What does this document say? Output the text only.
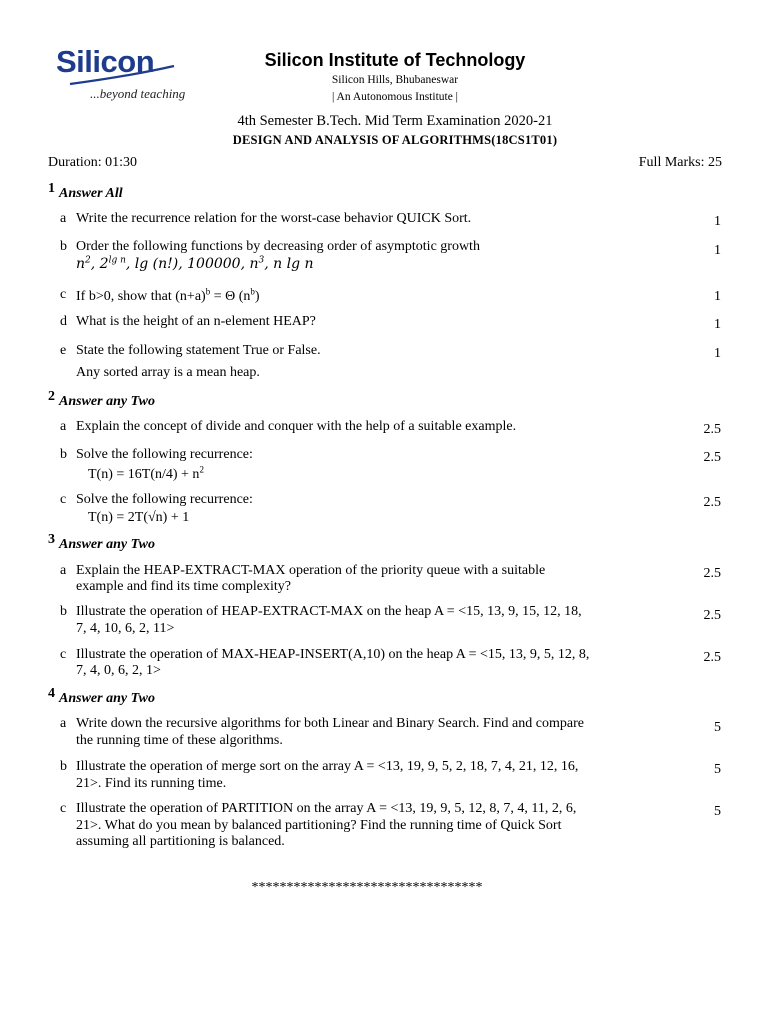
Silicon
...beyond teaching
Silicon Institute of Technology
Silicon Hills, Bhubaneswar
| An Autonomous Institute |
4th Semester B.Tech. Mid Term Examination 2020-21
DESIGN AND ANALYSIS OF ALGORITHMS(18CS1T01)
Duration: 01:30	Full Marks: 25
1 Answer All
a Write the recurrence relation for the worst-case behavior QUICK Sort.	1
b Order the following functions by decreasing order of asymptotic growth
$n^2$, $2^{lg n}$, lg (n!), 100000, $n^3$, n lg n
1
c If b>0, show that $(n+a)^b = \Theta$ $(n^b)$	1
d What is the height of an n-element HEAP?	1
e State the following statement True or False.
Any sorted array is a mean heap.
1
2 Answer any Two
a Explain the concept of divide and conquer with the help of a suitable example.	2.5
b Solve the following recurrence:
$T(n) = 16T(n/4) + n^2$
2.5
c Solve the following recurrence:
T(n) = 2T(√n) + 1
2.5
3 Answer any Two
a Explain the HEAP-EXTRACT-MAX operation of the priority queue with a suitable
example and find its time complexity?
2.5
b Illustrate the operation of HEAP-EXTRACT-MAX on the heap A = <15, 13, 9, 15, 12, 18,
7, 4, 10, 6, 2, 11>
2.5
c Illustrate the operation of MAX-HEAP-INSERT(A,10) on the heap A = <15, 13, 9, 5, 12, 8,
7, 4, 0, 6, 2, 1>
2.5
4 Answer any Two
a Write down the recursive algorithms for both Linear and Binary Search. Find and compare
the running time of these algorithms.
5
b Illustrate the operation of merge sort on the array A = <13, 19, 9, 5, 2, 18, 7, 4, 21, 12, 16,
21>. Find its running time.
5
c Illustrate the operation of PARTITION on the array A = <13, 19, 9, 5, 12, 8, 7, 4, 11, 2, 6,
21>. What do you mean by balanced partitioning? Find the running time of Quick Sort
assuming all partitioning is balanced.
5
*********************************
